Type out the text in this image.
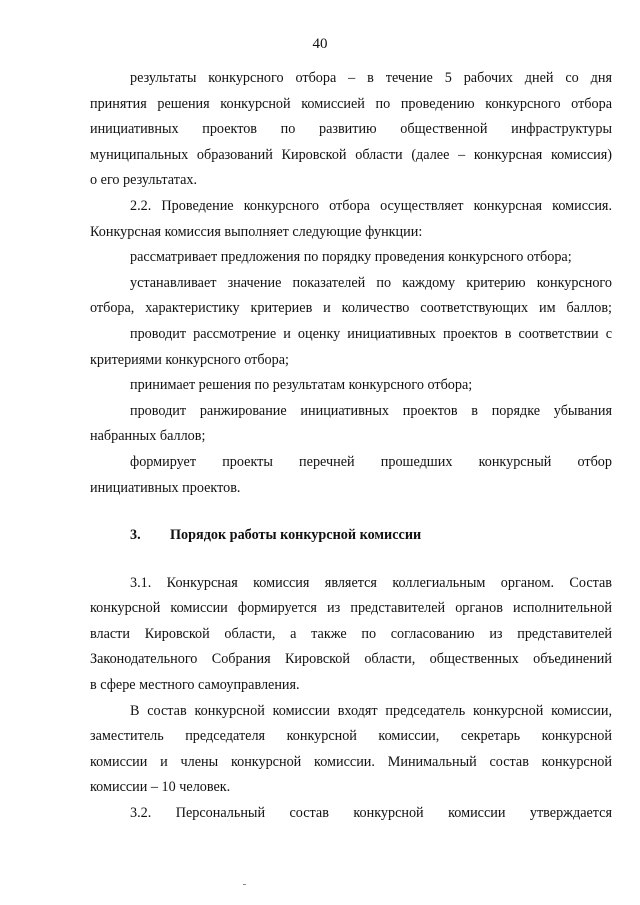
40
результаты конкурсного отбора – в течение 5 рабочих дней со дня
принятия решения конкурсной комиссией по проведению конкурсного отбора
инициативных проектов по развитию общественной инфраструктуры
муниципальных образований Кировской области (далее – конкурсная комиссия)
о его результатах.
2.2. Проведение конкурсного отбора осуществляет конкурсная комиссия.
Конкурсная комиссия выполняет следующие функции:
рассматривает предложения по порядку проведения конкурсного отбора;
устанавливает значение показателей по каждому критерию конкурсного
отбора, характеристику критериев и количество соответствующих им баллов;
проводит рассмотрение и оценку инициативных проектов в соответствии с
критериями конкурсного отбора;
принимает решения по результатам конкурсного отбора;
проводит ранжирование инициативных проектов в порядке убывания
набранных баллов;
формирует проекты перечней прошедших конкурсный отбор
инициативных проектов.
3. Порядок работы конкурсной комиссии
3.1. Конкурсная комиссия является коллегиальным органом. Состав
конкурсной комиссии формируется из представителей органов исполнительной
власти Кировской области, а также по согласованию из представителей
Законодательного Собрания Кировской области, общественных объединений
в сфере местного самоуправления.
В состав конкурсной комиссии входят председатель конкурсной комиссии,
заместитель председателя конкурсной комиссии, секретарь конкурсной
комиссии и члены конкурсной комиссии. Минимальный состав конкурсной
комиссии – 10 человек.
3.2. Персональный состав конкурсной комиссии утверждается
